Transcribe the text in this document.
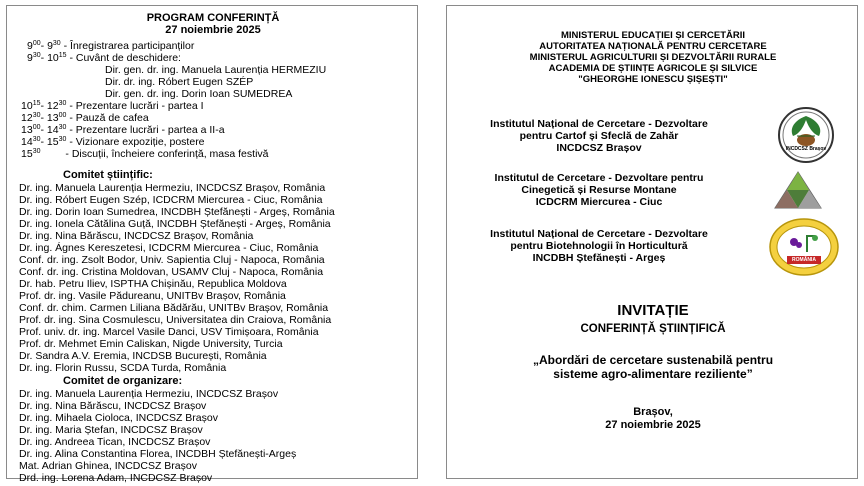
PROGRAM CONFERINȚĂ
27 noiembrie 2025
$9^{00}-$ $9^{30}$ - Înregistrarea participanților
$9^{30}-$ $10^{15}$ - Cuvânt de deschidere:
Dir. gen. dr. ing. Manuela Laurenția HERMEZIU
Dir. dr. ing. Róbert Eugen SZÉP
Dir. gen. dr. ing. Dorin Ioan SUMEDREA
$10^{15}-$ $12^{30}$ - Prezentare lucrări - partea I
$12^{30}-$ $13^{00}$ - Pauză de cafea
$13^{00}-$ $14^{30}$ - Prezentare lucrări - partea a II-a
$14^{30}-$ $15^{30}$ - Vizionare expoziție, postere
$15^{30}$ - Discuții, încheiere conferință, masa festivă
Comitet științific:
Dr. ing. Manuela Laurenția Hermeziu, INCDCSZ Brașov, România
Dr. ing. Róbert Eugen Szép, ICDCRM Miercurea - Ciuc, România
Dr. ing. Dorin Ioan Sumedrea, INCDBH Ștefănești - Argeș, România
Dr. ing. Ionela Cătălina Guță, INCDBH Ștefănești - Argeș, România
Dr. ing. Nina Bărăscu, INCDCSZ Brașov, România
Dr. ing. Ágnes Kereszetesi, ICDCRM Miercurea - Ciuc, România
Conf. dr. ing. Zsolt Bodor, Univ. Sapientia Cluj - Napoca, România
Conf. dr. ing. Cristina Moldovan, USAMV Cluj - Napoca, România
Dr. hab. Petru Iliev, ISPTHA Chișinău, Republica Moldova
Prof. dr. ing. Vasile Pădureanu, UNITBv Brașov, România
Conf. dr. chim. Carmen Liliana Bădărău, UNITBv Brașov, România
Prof. dr. ing. Sina Cosmulescu, Universitatea din Craiova, România
Prof. univ. dr. ing. Marcel Vasile Danci, USV Timișoara, România
Prof. dr. Mehmet Emin Caliskan, Nigde University, Turcia
Dr. Sandra A.V. Eremia, INCDSB București, România
Dr. ing. Florin Russu, SCDA Turda, România
Comitet de organizare:
Dr. ing. Manuela Laurenția Hermeziu, INCDCSZ Brașov
Dr. ing. Nina Bărăscu, INCDCSZ Brașov
Dr. ing. Mihaela Cioloca, INCDCSZ Brașov
Dr. ing. Maria Ștefan, INCDCSZ Brașov
Dr. ing. Andreea Tican, INCDCSZ Brașov
Dr. ing. Alina Constantina Florea, INCDBH Ștefănești-Argeș
Mat. Adrian Ghinea, INCDCSZ Brașov
Drd. ing. Lorena Adam, INCDCSZ Brașov
MINISTERUL EDUCAȚIEI ȘI CERCETĂRII
AUTORITATEA NAȚIONALĂ PENTRU CERCETARE
MINISTERUL AGRICULTURII ȘI DEZVOLTĂRII RURALE
ACADEMIA DE ȘTIINȚE AGRICOLE ȘI SILVICE
"GHEORGHE IONESCU ȘIȘEȘTI"
Institutul Național de Cercetare - Dezvoltare
pentru Cartof și Sfeclă de Zahăr
INCDCSZ Brașov	INCDCSZ Brașov
Institutul de Cercetare - Dezvoltare pentru
Cinegetică și Resurse Montane
ICDCRM Miercurea - Ciuc
Institutul Național de Cercetare - Dezvoltare
pentru Biotehnologii în Horticultură
INCDBH Ștefănești - Argeș	ROMÂNIA
INVITAȚIE
CONFERINȚĂ ȘTIINȚIFICĂ
„Abordări de cercetare sustenabilă pentru
sisteme agro-alimentare reziliente”
Brașov,
27 noiembrie 2025
